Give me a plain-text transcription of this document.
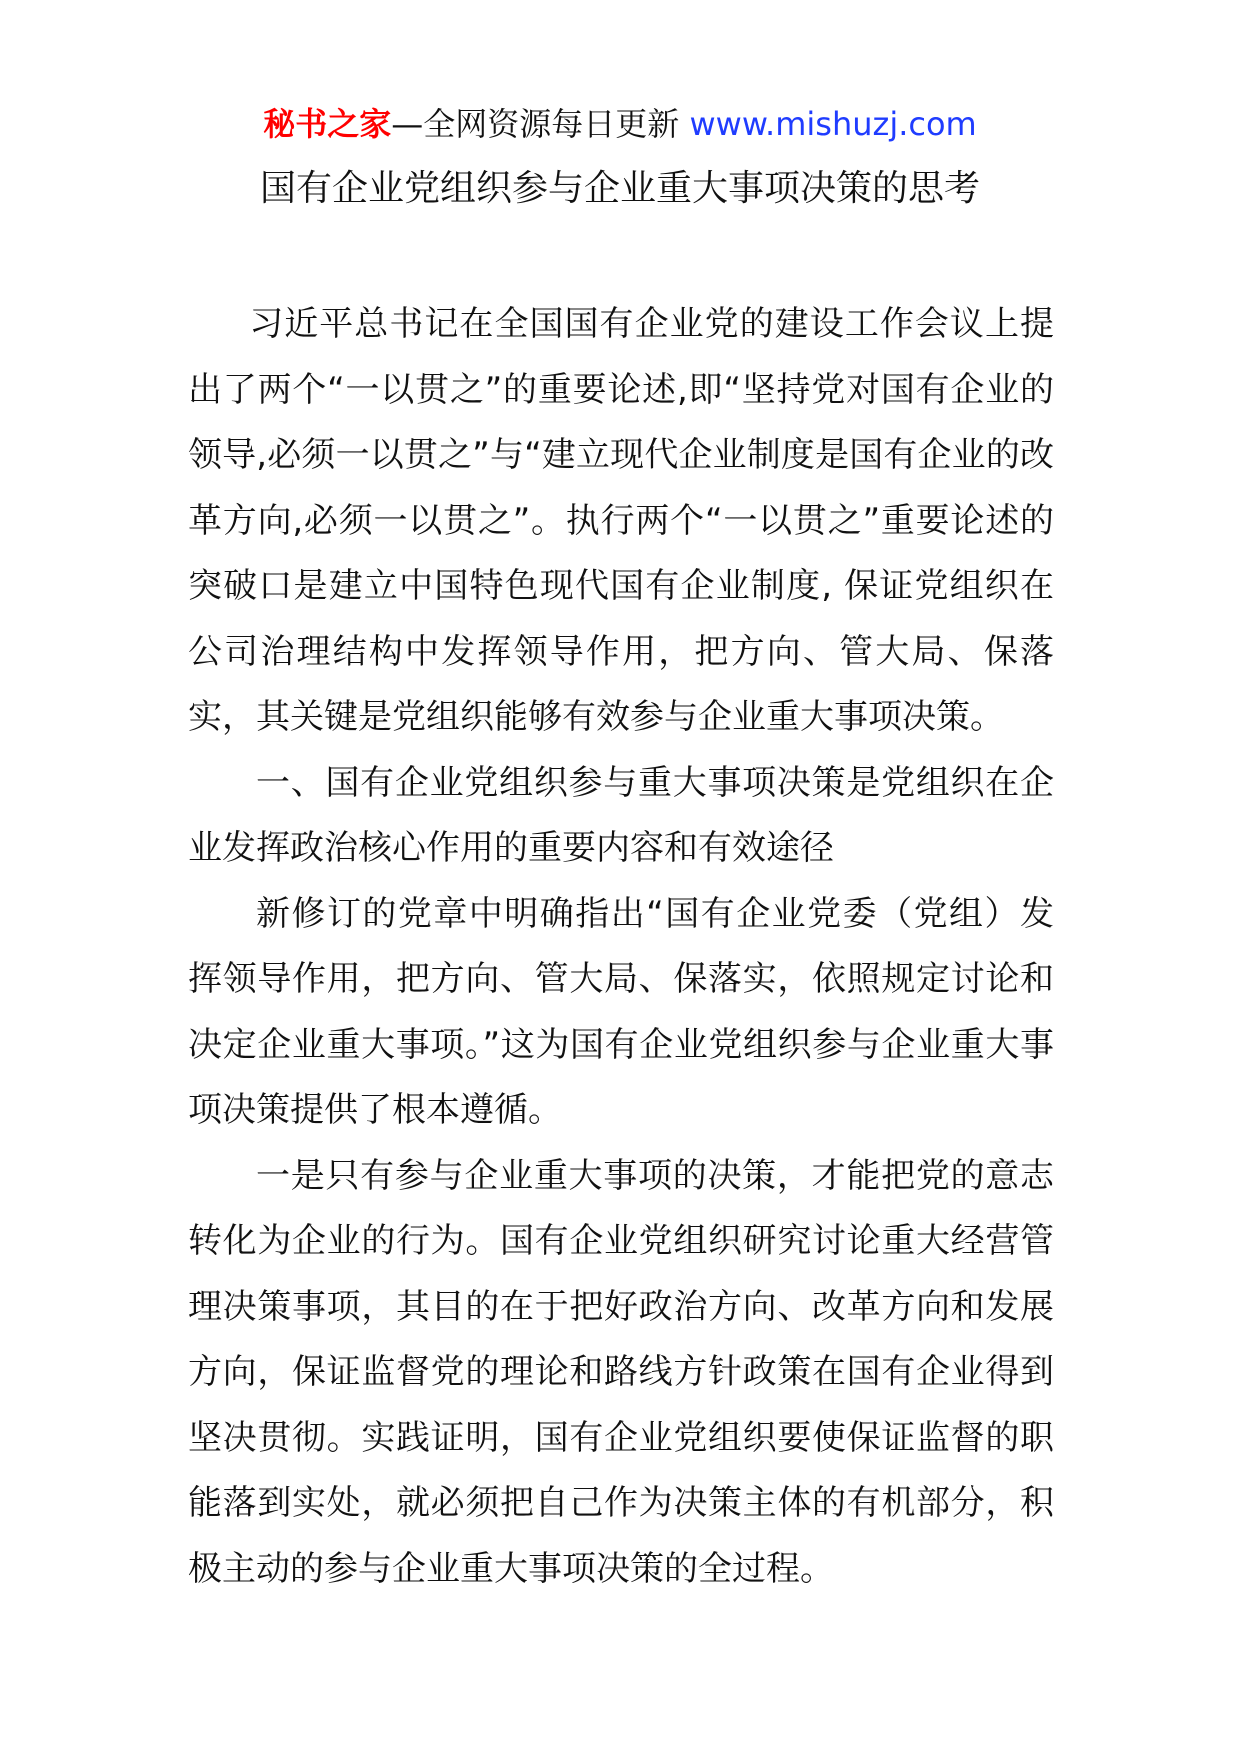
秘书之家—全网资源每日更新 www.mishuzj.com
国有企业党组织参与企业重大事项决策的思考

习近平总书记在全国国有企业党的建设工作会议上提出了两个“一以贯之”的重要论述,即“坚持党对国有企业的领导,必须一以贯之”与“建立现代企业制度是国有企业的改革方向,必须一以贯之”。执行两个“一以贯之”重要论述的突破口是建立中国特色现代国有企业制度, 保证党组织在公司治理结构中发挥领导作用，把方向、管大局、保落实，其关键是党组织能够有效参与企业重大事项决策。

一、国有企业党组织参与重大事项决策是党组织在企业发挥政治核心作用的重要内容和有效途径

新修订的党章中明确指出“国有企业党委（党组）发挥领导作用，把方向、管大局、保落实，依照规定讨论和决定企业重大事项。”这为国有企业党组织参与企业重大事项决策提供了根本遵循。

一是只有参与企业重大事项的决策，才能把党的意志转化为企业的行为。国有企业党组织研究讨论重大经营管理决策事项，其目的在于把好政治方向、改革方向和发展方向，保证监督党的理论和路线方针政策在国有企业得到坚决贯彻。实践证明，国有企业党组织要使保证监督的职能落到实处，就必须把自己作为决策主体的有机部分，积极主动的参与企业重大事项决策的全过程。
